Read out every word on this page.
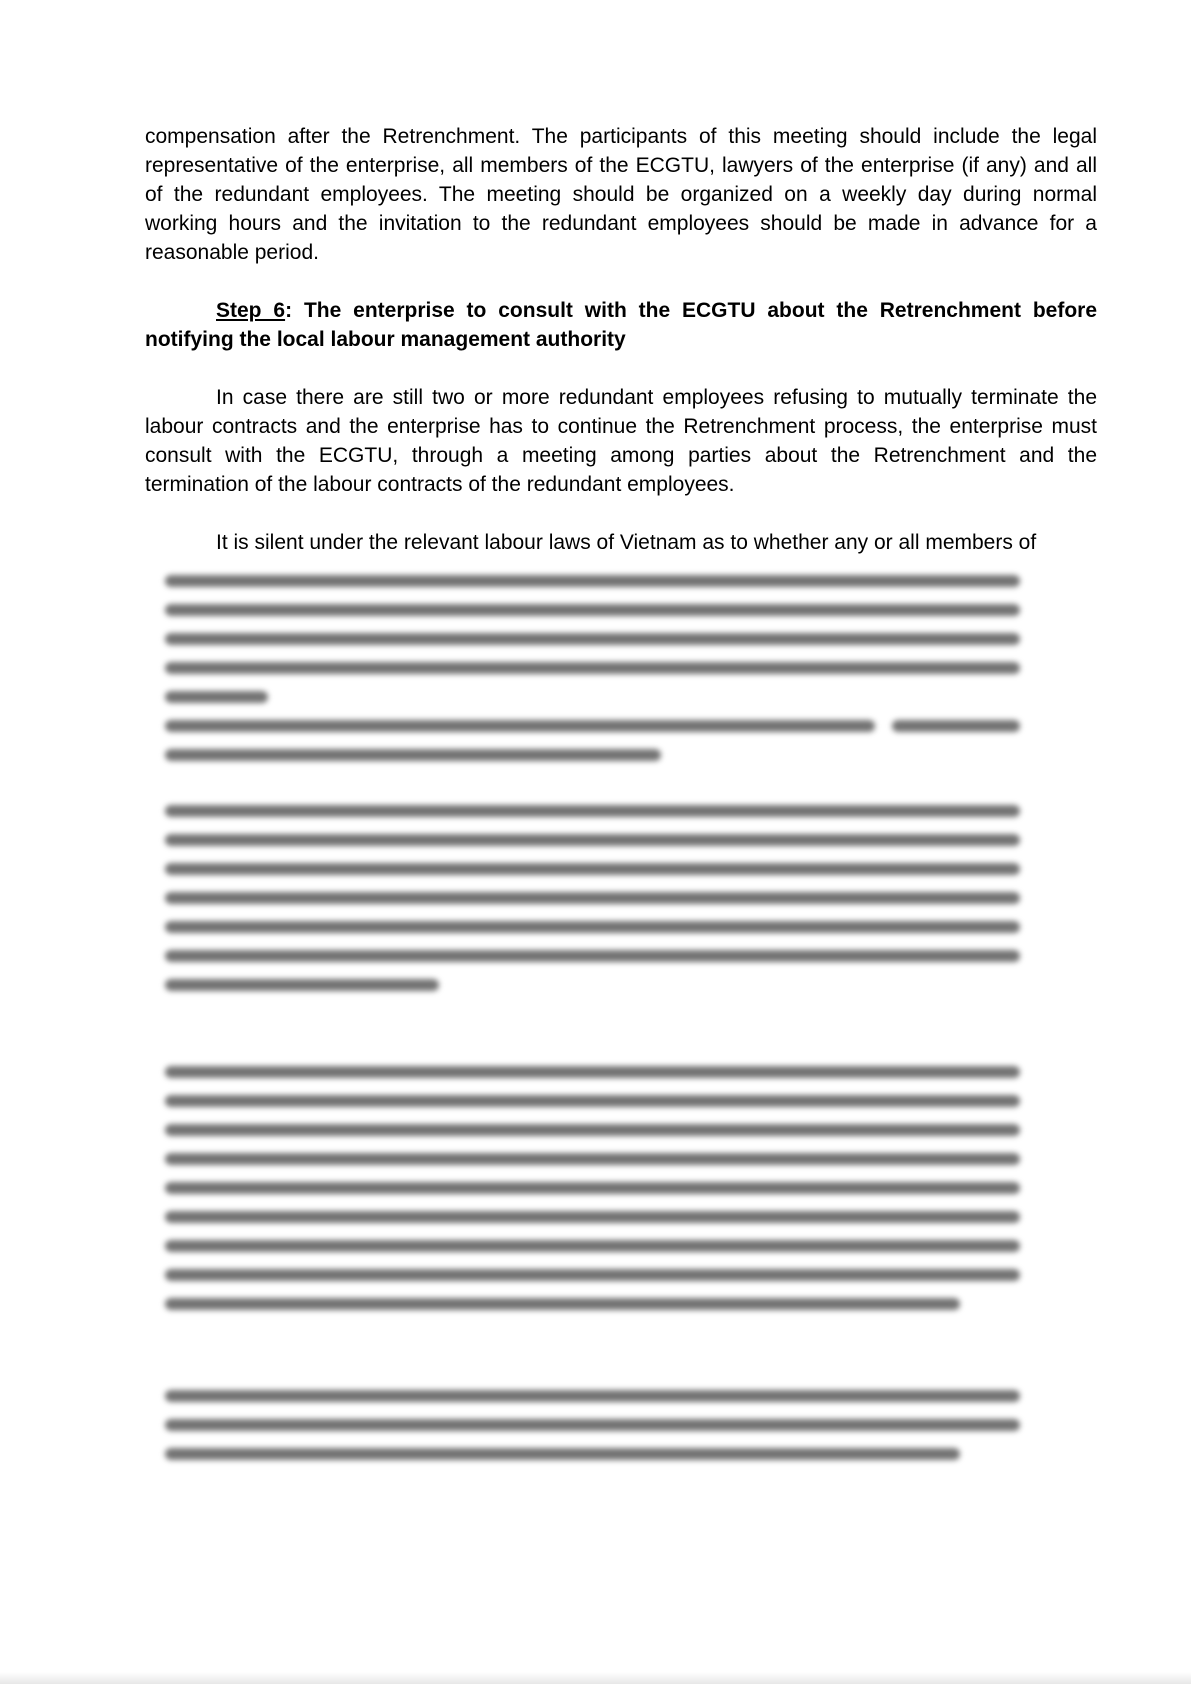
compensation after the Retrenchment. The participants of this meeting should include the legal representative of the enterprise, all members of the ECGTU, lawyers of the enterprise (if any) and all of the redundant employees. The meeting should be organized on a weekly day during normal working hours and the invitation to the redundant employees should be made in advance for a reasonable period.

Step 6: The enterprise to consult with the ECGTU about the Retrenchment before notifying the local labour management authority

In case there are still two or more redundant employees refusing to mutually terminate the labour contracts and the enterprise has to continue the Retrenchment process, the enterprise must consult with the ECGTU, through a meeting among parties about the Retrenchment and the termination of the labour contracts of the redundant employees.

It is silent under the relevant labour laws of Vietnam as to whether any or all members of
